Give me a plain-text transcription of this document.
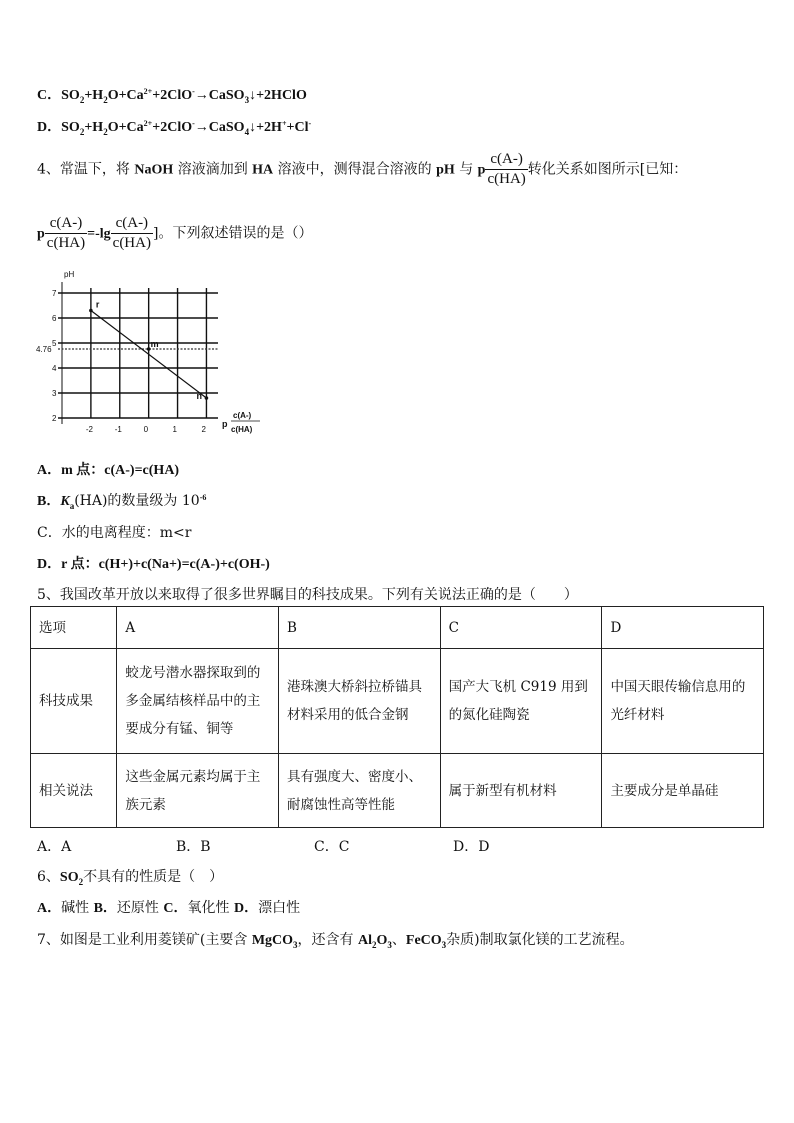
C．$SO_2+H_2O+Ca^{2+}+2ClO^-\to CaSO_3↓+2HClO$
D．$SO_2+H_2O+Ca^{2+}+2ClO^-\to CaSO_4↓+2H^++Cl^-$
4、常温下，将 NaOH 溶液滴加到 HA 溶液中，测得混合溶液的 pH 与 p $\frac{c(A-)}{c(HA)}$ 转化关系如图所示[已知：
p $\frac{c(A-)}{c(HA)} =-\lg \frac{c(A-)}{c(HA)}$ ]。下列叙述错误的是（）
pH
-2	-1	0	1	2
2
3
4
5
6
7
4.76
r
m
n
p
c(A-)
c(HA)
A．m 点：c(A-)=c(HA)
B．$K_a(HA)$的数量级为 $10^{-6}$
C．水的电离程度：m<r
D．r 点：c(H+)+c(Na+)=c(A-)+c(OH-)
5、我国改革开放以来取得了很多世界瞩目的科技成果。下列有关说法正确的是（　　）
选项	A	B	C	D
科技成果	蛟龙号潜水器探取到的多金属结核样品中的主要成分有锰、铜等	港珠澳大桥斜拉桥锚具材料采用的低合金钢	国产大飞机 C919 用到的氮化硅陶瓷	中国天眼传输信息用的光纤材料
相关说法	这些金属元素均属于主族元素	具有强度大、密度小、耐腐蚀性高等性能	属于新型有机材料	主要成分是单晶硅
A．A	B．B	C．C	D．D
6、$SO_2$不具有的性质是（　）
A．碱性 B．还原性 C．氧化性 D．漂白性
7、如图是工业利用菱镁矿(主要含 MgCO$_3$，还含有 $Al_2O_3$、FeCO$_3$杂质)制取氯化镁的工艺流程。
